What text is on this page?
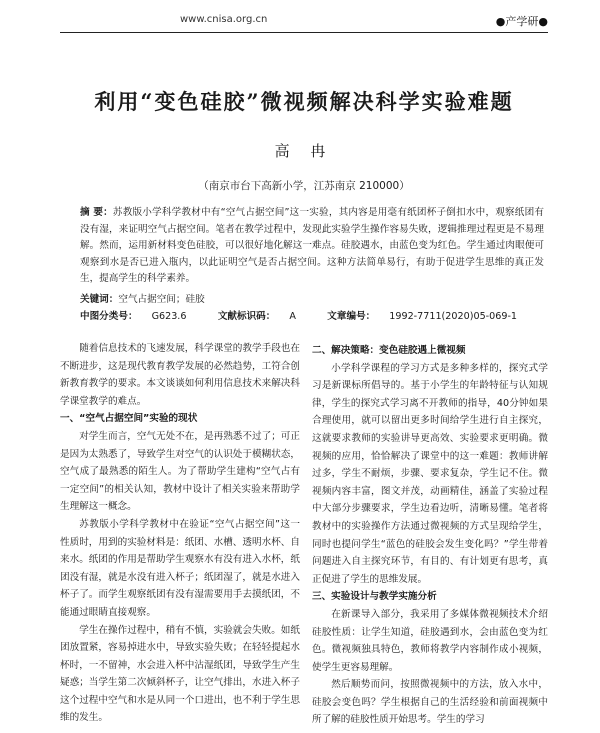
www.cnisa.org.cn	●产学研●
利用“变色硅胶”微视频解决科学实验难题
高 冉
（南京市台下高新小学，江苏南京 210000）
摘 要：苏教版小学科学教材中有“空气占据空间”这一实验，其内容是用毫有纸团杯子倒扣水中，观察纸团有没有湿，来证明空气占据空间。笔者在教学过程中，发现此实验学生操作容易失败，逻辑推理过程更是不易理解。然而，运用新材料变色硅胶，可以很好地化解这一难点。硅胶遇水，由蓝色变为红色。学生通过肉眼便可观察到水是否已进入瓶内，以此证明空气是否占据空间。这种方法简单易行，有助于促进学生思维的真正发生，提高学生的科学素养。
关键词：空气占据空间；硅胶
中图分类号： G623.6	文献标识码： A	文章编号： 1992-7711(2020)05-069-1

随着信息技术的飞速发展，科学课堂的教学手段也在不断进步，这是现代教育教学发展的必然趋势，工符合创新教育教学的要求。本文谈谈如何利用信息技术来解决科学课堂教学的难点。

一、“空气占据空间”实验的现状

对学生而言，空气无处不在，是再熟悉不过了；可正是因为太熟悉了，导致学生对空气的认识处于模糊状态，空气成了最熟悉的陌生人。为了帮助学生建构“空气占有一定空间”的相关认知，教材中设计了相关实验来帮助学生理解这一概念。

苏教版小学科学教材中在验证“空气占据空间”这一性质时，用到的实验材料是：纸团、水槽、透明水杯、自来水。纸团的作用是帮助学生观察水有没有进入水杯，纸团没有湿，就是水没有进入杯子；纸团湿了，就是水进入杯子了。而学生观察纸团有没有湿需要用手去摸纸团，不能通过眼睛直接观察。

学生在操作过程中，稍有不慎，实验就会失败。如纸团放置紧，容易掉进水中，导致实验失败；在轻轻提起水杯时，一不留神，水会进入杯中沾湿纸团，导致学生产生疑惑；当学生第二次倾斜杯子，让空气排出，水进入杯子这个过程中空气和水是从同一个口进出，也不利于学生思维的发生。

二、解决策略：变色硅胶遇上微视频

小学科学课程的学习方式是多种多样的，探究式学习是新课标所倡导的。基于小学生的年龄特征与认知规律，学生的探究式学习离不开教师的指导，40分钟如果合理使用，就可以留出更多时间给学生进行自主探究，这就要求教师的实验讲导更高效、实验要求更明确。微视频的应用，恰恰解决了课堂中的这一难题：教师讲解过多，学生不耐烦，步骤、要求复杂，学生记不住。微视频内容丰富，图文并茂，动画精佳，涵盖了实验过程中大部分步骤要求，学生边看边听，清晰易懂。笔者将教材中的实验操作方法通过微视频的方式呈现给学生，同时也提问学生“蓝色的硅胶会发生变化吗？”学生带着问题进入自主探究环节，有目的、有计划更有思考，真正促进了学生的思维发展。

三、实验设计与教学实施分析

在新课导入部分，我采用了多媒体微视频技术介绍硅胶性质：让学生知道，硅胶遇到水，会由蓝色变为红色。微视频独具特色，教师将教学内容制作成小视频，使学生更容易理解。

然后顺势而问，按照微视频中的方法，放入水中，硅胶会变色吗？学生根据自己的生活经验和前面视频中所了解的硅胶性质开始思考。学生的学习
